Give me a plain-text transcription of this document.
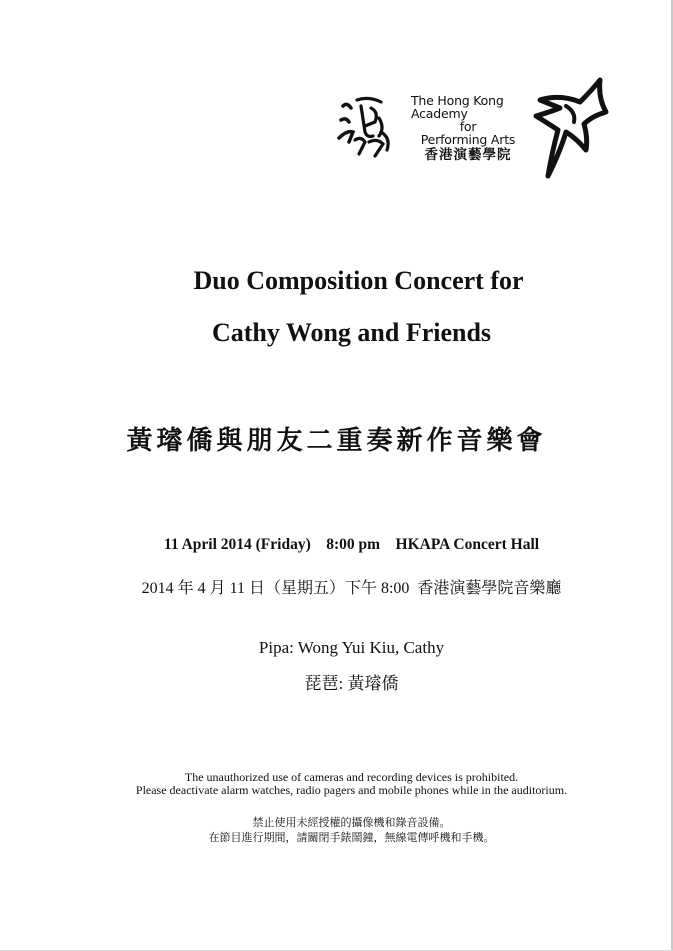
The Hong Kong Academy
for
Performing Arts
香港演藝學院
Duo Composition Concert for
Cathy Wong and Friends
黃璿僑與朋友二重奏新作音樂會
11 April 2014 (Friday)    8:00 pm    HKAPA Concert Hall
2014 年 4 月 11 日（星期五）下午 8:00  香港演藝學院音樂廳
Pipa: Wong Yui Kiu, Cathy
琵琶: 黃璿僑
The unauthorized use of cameras and recording devices is prohibited.
Please deactivate alarm watches, radio pagers and mobile phones while in the auditorium.
禁止使用未經授權的攝像機和錄音設備。
在節目進行期間，請關閉手錶鬧鐘，無線電傳呼機和手機。
